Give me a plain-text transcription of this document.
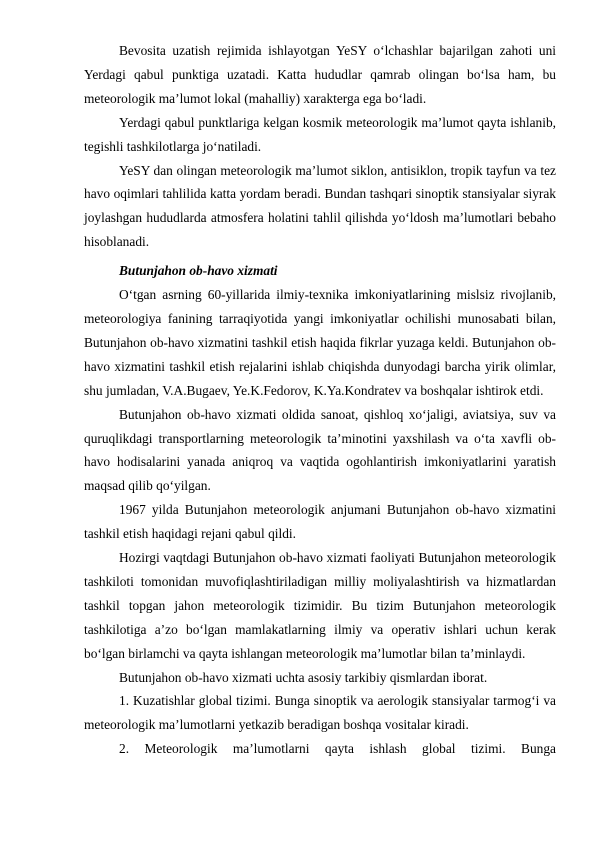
Bevosita uzatish rejimida ishlayotgan YeSY oʻlchashlar bajarilgan zahoti uni Yerdagi qabul punktiga uzatadi. Katta hududlar qamrab olingan boʻlsa ham, bu meteorologik maʼlumot lokal (mahalliy) xarakterga ega boʻladi.

Yerdagi qabul punktlariga kelgan kosmik meteorologik maʼlumot qayta ishlanib, tegishli tashkilotlarga joʻnatiladi.

YeSY dan olingan meteorologik maʼlumot siklon, antisiklon, tropik tayfun va tez havo oqimlari tahlilida katta yordam beradi. Bundan tashqari sinoptik stansiyalar siyrak joylashgan hududlarda atmosfera holatini tahlil qilishda yoʻldosh maʼlumotlari bebaho hisoblanadi.

Butunjahon ob-havo xizmati

Oʻtgan asrning 60-yillarida ilmiy-texnika imkoniyatlarining mislsiz rivojlanib, meteorologiya fanining tarraqiyotida yangi imkoniyatlar ochilishi munosabati bilan, Butunjahon ob-havo xizmatini tashkil etish haqida fikrlar yuzaga keldi. Butunjahon ob-havo xizmatini tashkil etish rejalarini ishlab chiqishda dunyodagi barcha yirik olimlar, shu jumladan, V.A.Bugaev, Ye.K.Fedorov, K.Ya.Kondratev va boshqalar ishtirok etdi.

Butunjahon ob-havo xizmati oldida sanoat, qishloq xoʻjaligi, aviatsiya, suv va quruqlikdagi transportlarning meteorologik taʼminotini yaxshilash va oʻta xavfli ob-havo hodisalarini yanada aniqroq va vaqtida ogohlantirish imkoniyatlarini yaratish maqsad qilib qoʻyilgan.

1967 yilda Butunjahon meteorologik anjumani Butunjahon ob-havo xizmatini tashkil etish haqidagi rejani qabul qildi.

Hozirgi vaqtdagi Butunjahon ob-havo xizmati faoliyati Butunjahon meteorologik tashkiloti tomonidan muvofiqlashtiriladigan milliy moliyalashtirish va hizmatlardan tashkil topgan jahon meteorologik tizimidir. Bu tizim Butunjahon meteorologik tashkilotiga aʼzo boʻlgan mamlakatlarning ilmiy va operativ ishlari uchun kerak boʻlgan birlamchi va qayta ishlangan meteorologik maʼlumotlar bilan taʼminlaydi.

Butunjahon ob-havo xizmati uchta asosiy tarkibiy qismlardan iborat.

1. Kuzatishlar global tizimi. Bunga sinoptik va aerologik stansiyalar tarmogʻi va meteorologik maʼlumotlarni yetkazib beradigan boshqa vositalar kiradi.

2. Meteorologik maʼlumotlarni qayta ishlash global tizimi. Bunga
